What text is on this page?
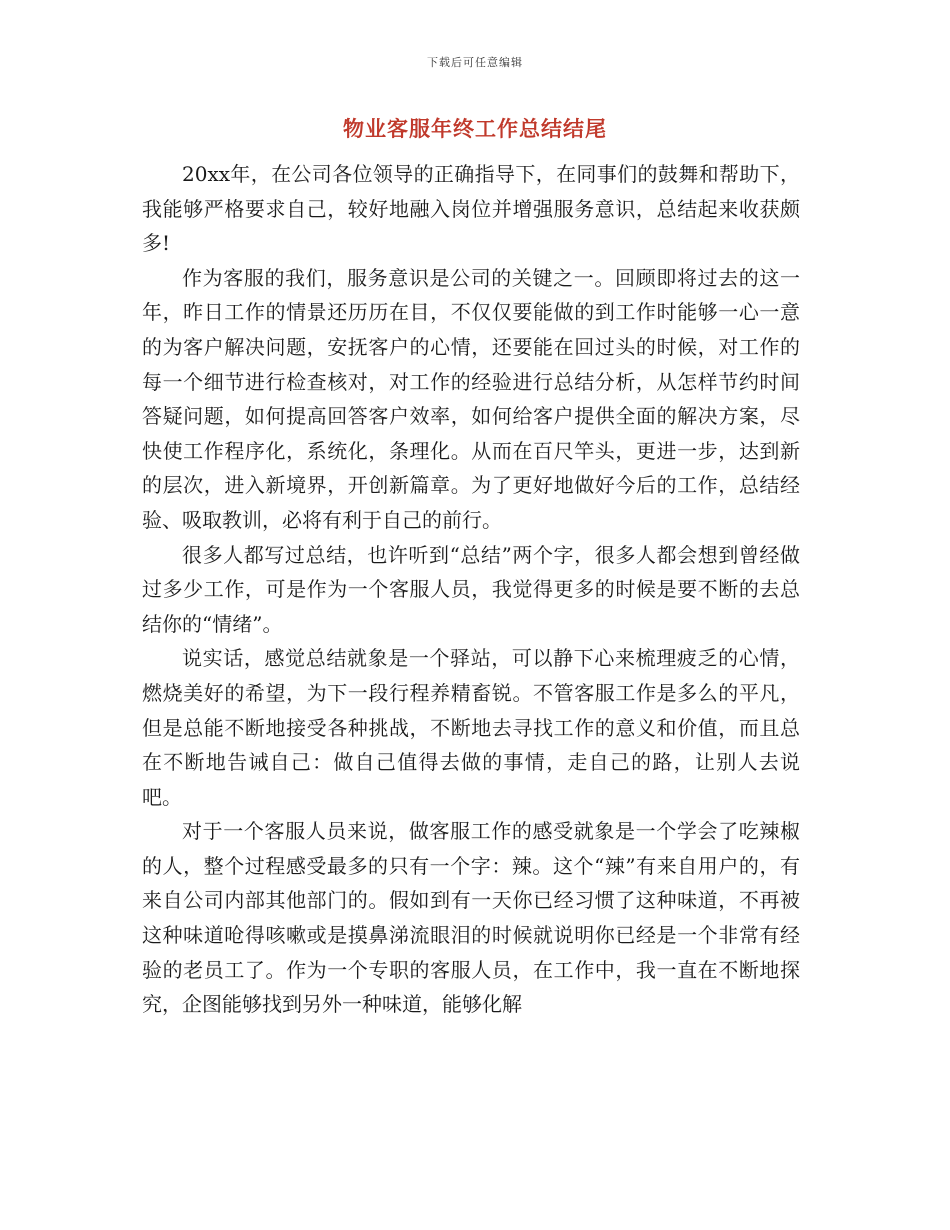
下载后可任意编辑
物业客服年终工作总结结尾

20xx年，在公司各位领导的正确指导下，在同事们的鼓舞和帮助下，我能够严格要求自己，较好地融入岗位并增强服务意识，总结起来收获颇多!

作为客服的我们，服务意识是公司的关键之一。回顾即将过去的这一年，昨日工作的情景还历历在目，不仅仅要能做的到工作时能够一心一意的为客户解决问题，安抚客户的心情，还要能在回过头的时候，对工作的每一个细节进行检查核对，对工作的经验进行总结分析，从怎样节约时间答疑问题，如何提高回答客户效率，如何给客户提供全面的解决方案，尽快使工作程序化，系统化，条理化。从而在百尺竿头，更进一步，达到新的层次，进入新境界，开创新篇章。为了更好地做好今后的工作，总结经验、吸取教训，必将有利于自己的前行。

很多人都写过总结，也许听到“总结”两个字，很多人都会想到曾经做过多少工作，可是作为一个客服人员，我觉得更多的时候是要不断的去总结你的“情绪”。

说实话，感觉总结就象是一个驿站，可以静下心来梳理疲乏的心情，燃烧美好的希望，为下一段行程养精畜锐。不管客服工作是多么的平凡，但是总能不断地接受各种挑战，不断地去寻找工作的意义和价值，而且总在不断地告诫自己：做自己值得去做的事情，走自己的路，让别人去说吧。

对于一个客服人员来说，做客服工作的感受就象是一个学会了吃辣椒的人，整个过程感受最多的只有一个字：辣。这个“辣”有来自用户的，有来自公司内部其他部门的。假如到有一天你已经习惯了这种味道，不再被这种味道呛得咳嗽或是摸鼻涕流眼泪的时候就说明你已经是一个非常有经验的老员工了。作为一个专职的客服人员，在工作中，我一直在不断地探究，企图能够找到另外一种味道，能够化解
